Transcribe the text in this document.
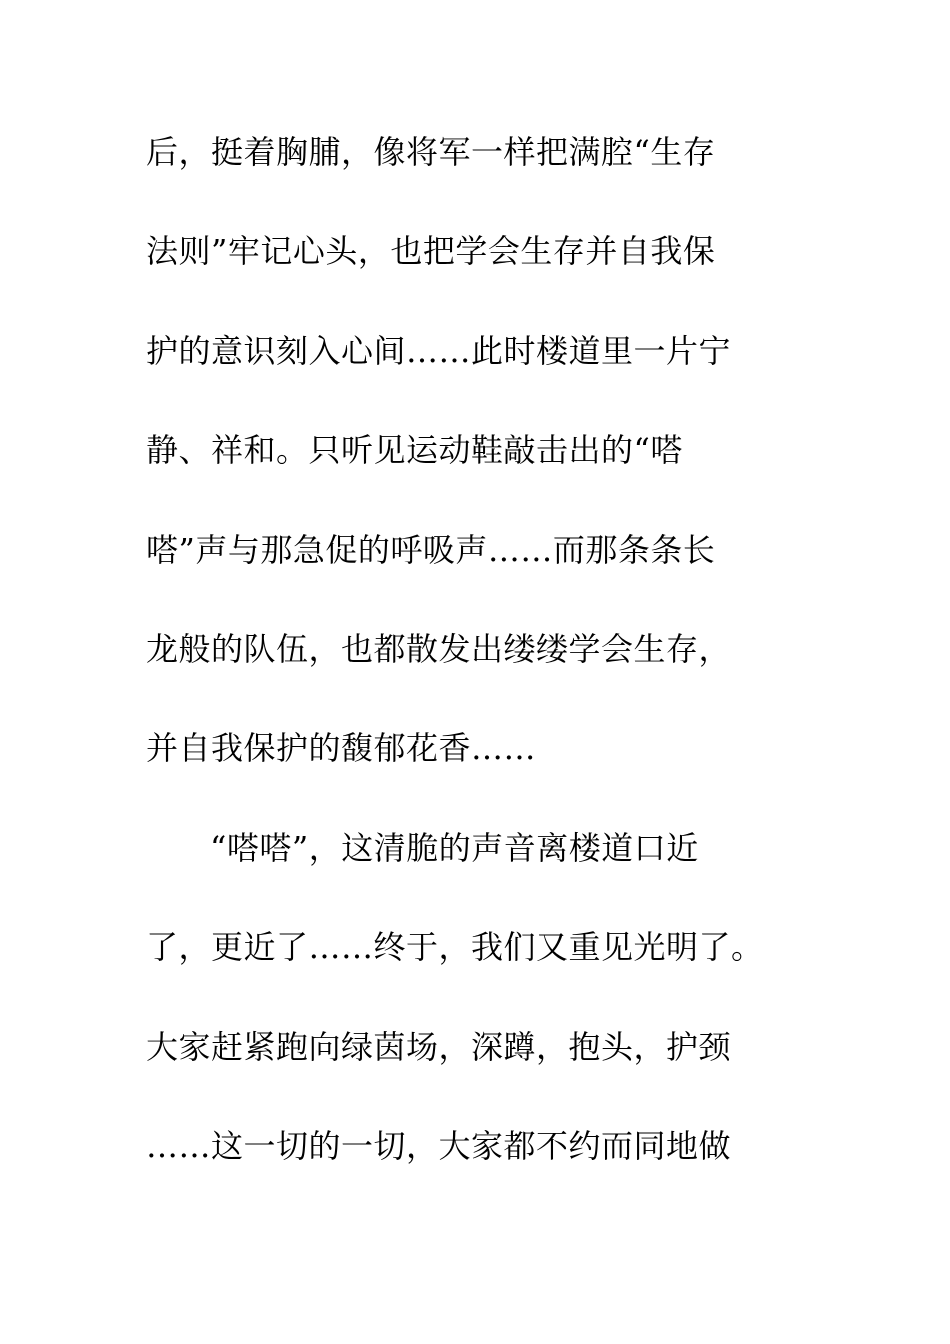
后，挺着胸脯，像将军一样把满腔“生存
法则”牢记心头，也把学会生存并自我保
护的意识刻入心间……此时楼道里一片宁
静、祥和。只听见运动鞋敲击出的“嗒
嗒”声与那急促的呼吸声……而那条条长
龙般的队伍，也都散发出缕缕学会生存，
并自我保护的馥郁花香……
“嗒嗒”，这清脆的声音离楼道口近
了，更近了……终于，我们又重见光明了。
大家赶紧跑向绿茵场，深蹲，抱头，护颈
……这一切的一切，大家都不约而同地做
